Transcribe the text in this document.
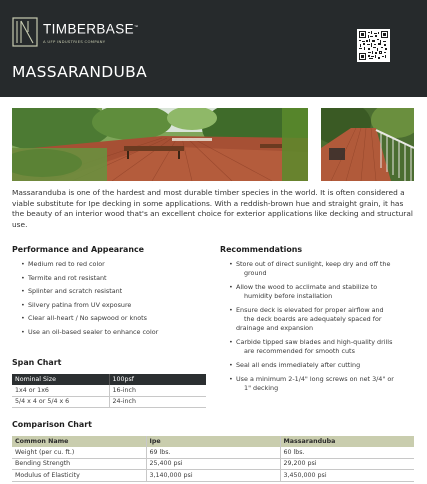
TIMBERBASE™
A UFP INDUSTRIES COMPANY
MASSARANDUBA

Massaranduba is one of the hardest and most durable timber species in the world. It is often considered a viable substitute for Ipe decking in some applications. With a reddish-brown hue and straight grain, it has the beauty of an interior wood that's an excellent choice for exterior applications like decking and structural use.

Performance and Appearance
• Medium red to red color
• Termite and rot resistant
• Splinter and scratch resistant
• Silvery patina from UV exposure
• Clear all-heart / No sapwood or knots
• Use an oil-based sealer to enhance color
Recommendations
• Store out of direct sunlight, keep dry and off the
ground
• Allow the wood to acclimate and stabilize to
humidity before installation
• Ensure deck is elevated for proper airflow and
the deck boards are adequately spaced for
drainage and expansion
• Carbide tipped saw blades and high-quality drills
are recommended for smooth cuts
• Seal all ends immediately after cutting
• Use a minimum 2-1/4" long screws on net 3/4" or
1" decking
Span Chart
Nominal Size	100psf
1x4 or 1x6	16-inch
5/4 x 4 or 5/4 x 6	24-inch
Comparison Chart
Common Name	Ipe	Massaranduba
Weight (per cu. ft.)	69 lbs.	60 lbs.
Bending Strength	25,400 psi	29,200 psi
Modulus of Elasticity	3,140,000 psi	3,450,000 psi
